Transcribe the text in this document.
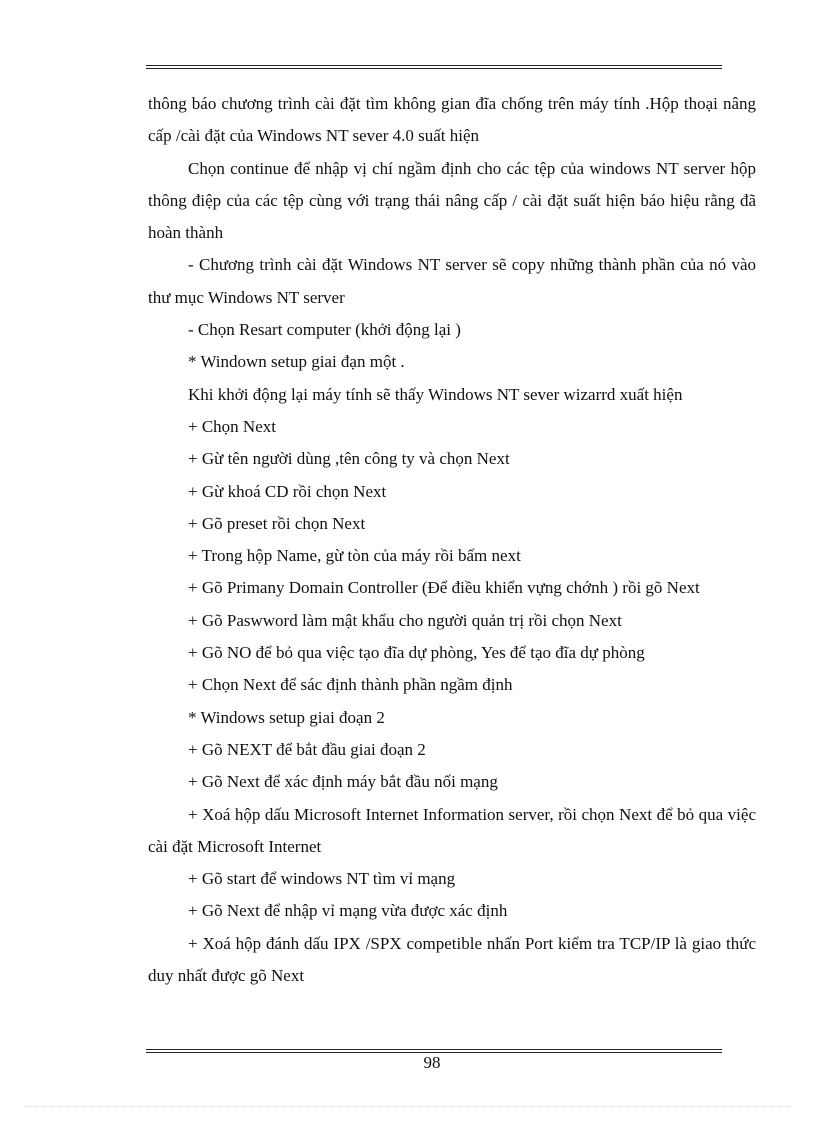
thông báo chương trình cài đặt tìm không gian đĩa chống trên máy tính .Hộp thoại nâng cấp /cài đặt của Windows NT sever 4.0 suất hiện

Chọn continue để nhập vị chí ngầm định cho các tệp của windows NT server hộp thông điệp của các tệp cùng với trạng thái nâng cấp / cài đặt suất hiện báo hiệu rằng đã hoàn thành

- Chương trình cài đặt Windows NT server sẽ copy những thành phần của nó vào thư mục Windows NT server

- Chọn Resart computer (khởi động lại )

* Windown setup giai đạn một .

Khi khởi động lại máy tính sẽ thấy Windows NT sever wizarrd xuất hiện

+ Chọn Next

+ Gừ tên người dùng ,tên công ty và chọn Next

+ Gừ khoá CD rồi chọn Next

+ Gõ preset rồi chọn Next

+ Trong hộp Name, gừ tòn của máy rồi bấm next

+ Gõ Primany Domain Controller (Để điều khiển vựng chớnh ) rồi gõ Next

+ Gõ Paswword làm mật khẩu cho người quản trị rồi chọn Next

+ Gõ NO để bỏ qua việc tạo đĩa dự phòng, Yes để tạo đĩa dự phòng

+ Chọn Next để sác định thành phần ngầm định

* Windows setup giai đoạn 2

+ Gõ NEXT để bắt đầu giai đoạn 2

+ Gõ Next để xác định máy bắt đầu nối mạng

+ Xoá hộp dấu Microsoft Internet Information server, rồi chọn Next để bỏ qua việc cài đặt Microsoft Internet

+ Gõ start để windows NT tìm vỉ mạng

+ Gõ Next để nhập vỉ mạng vừa được xác định

+ Xoá hộp đánh dấu IPX /SPX competible nhấn Port kiểm tra TCP/IP là giao thức duy nhất được gõ Next

98
